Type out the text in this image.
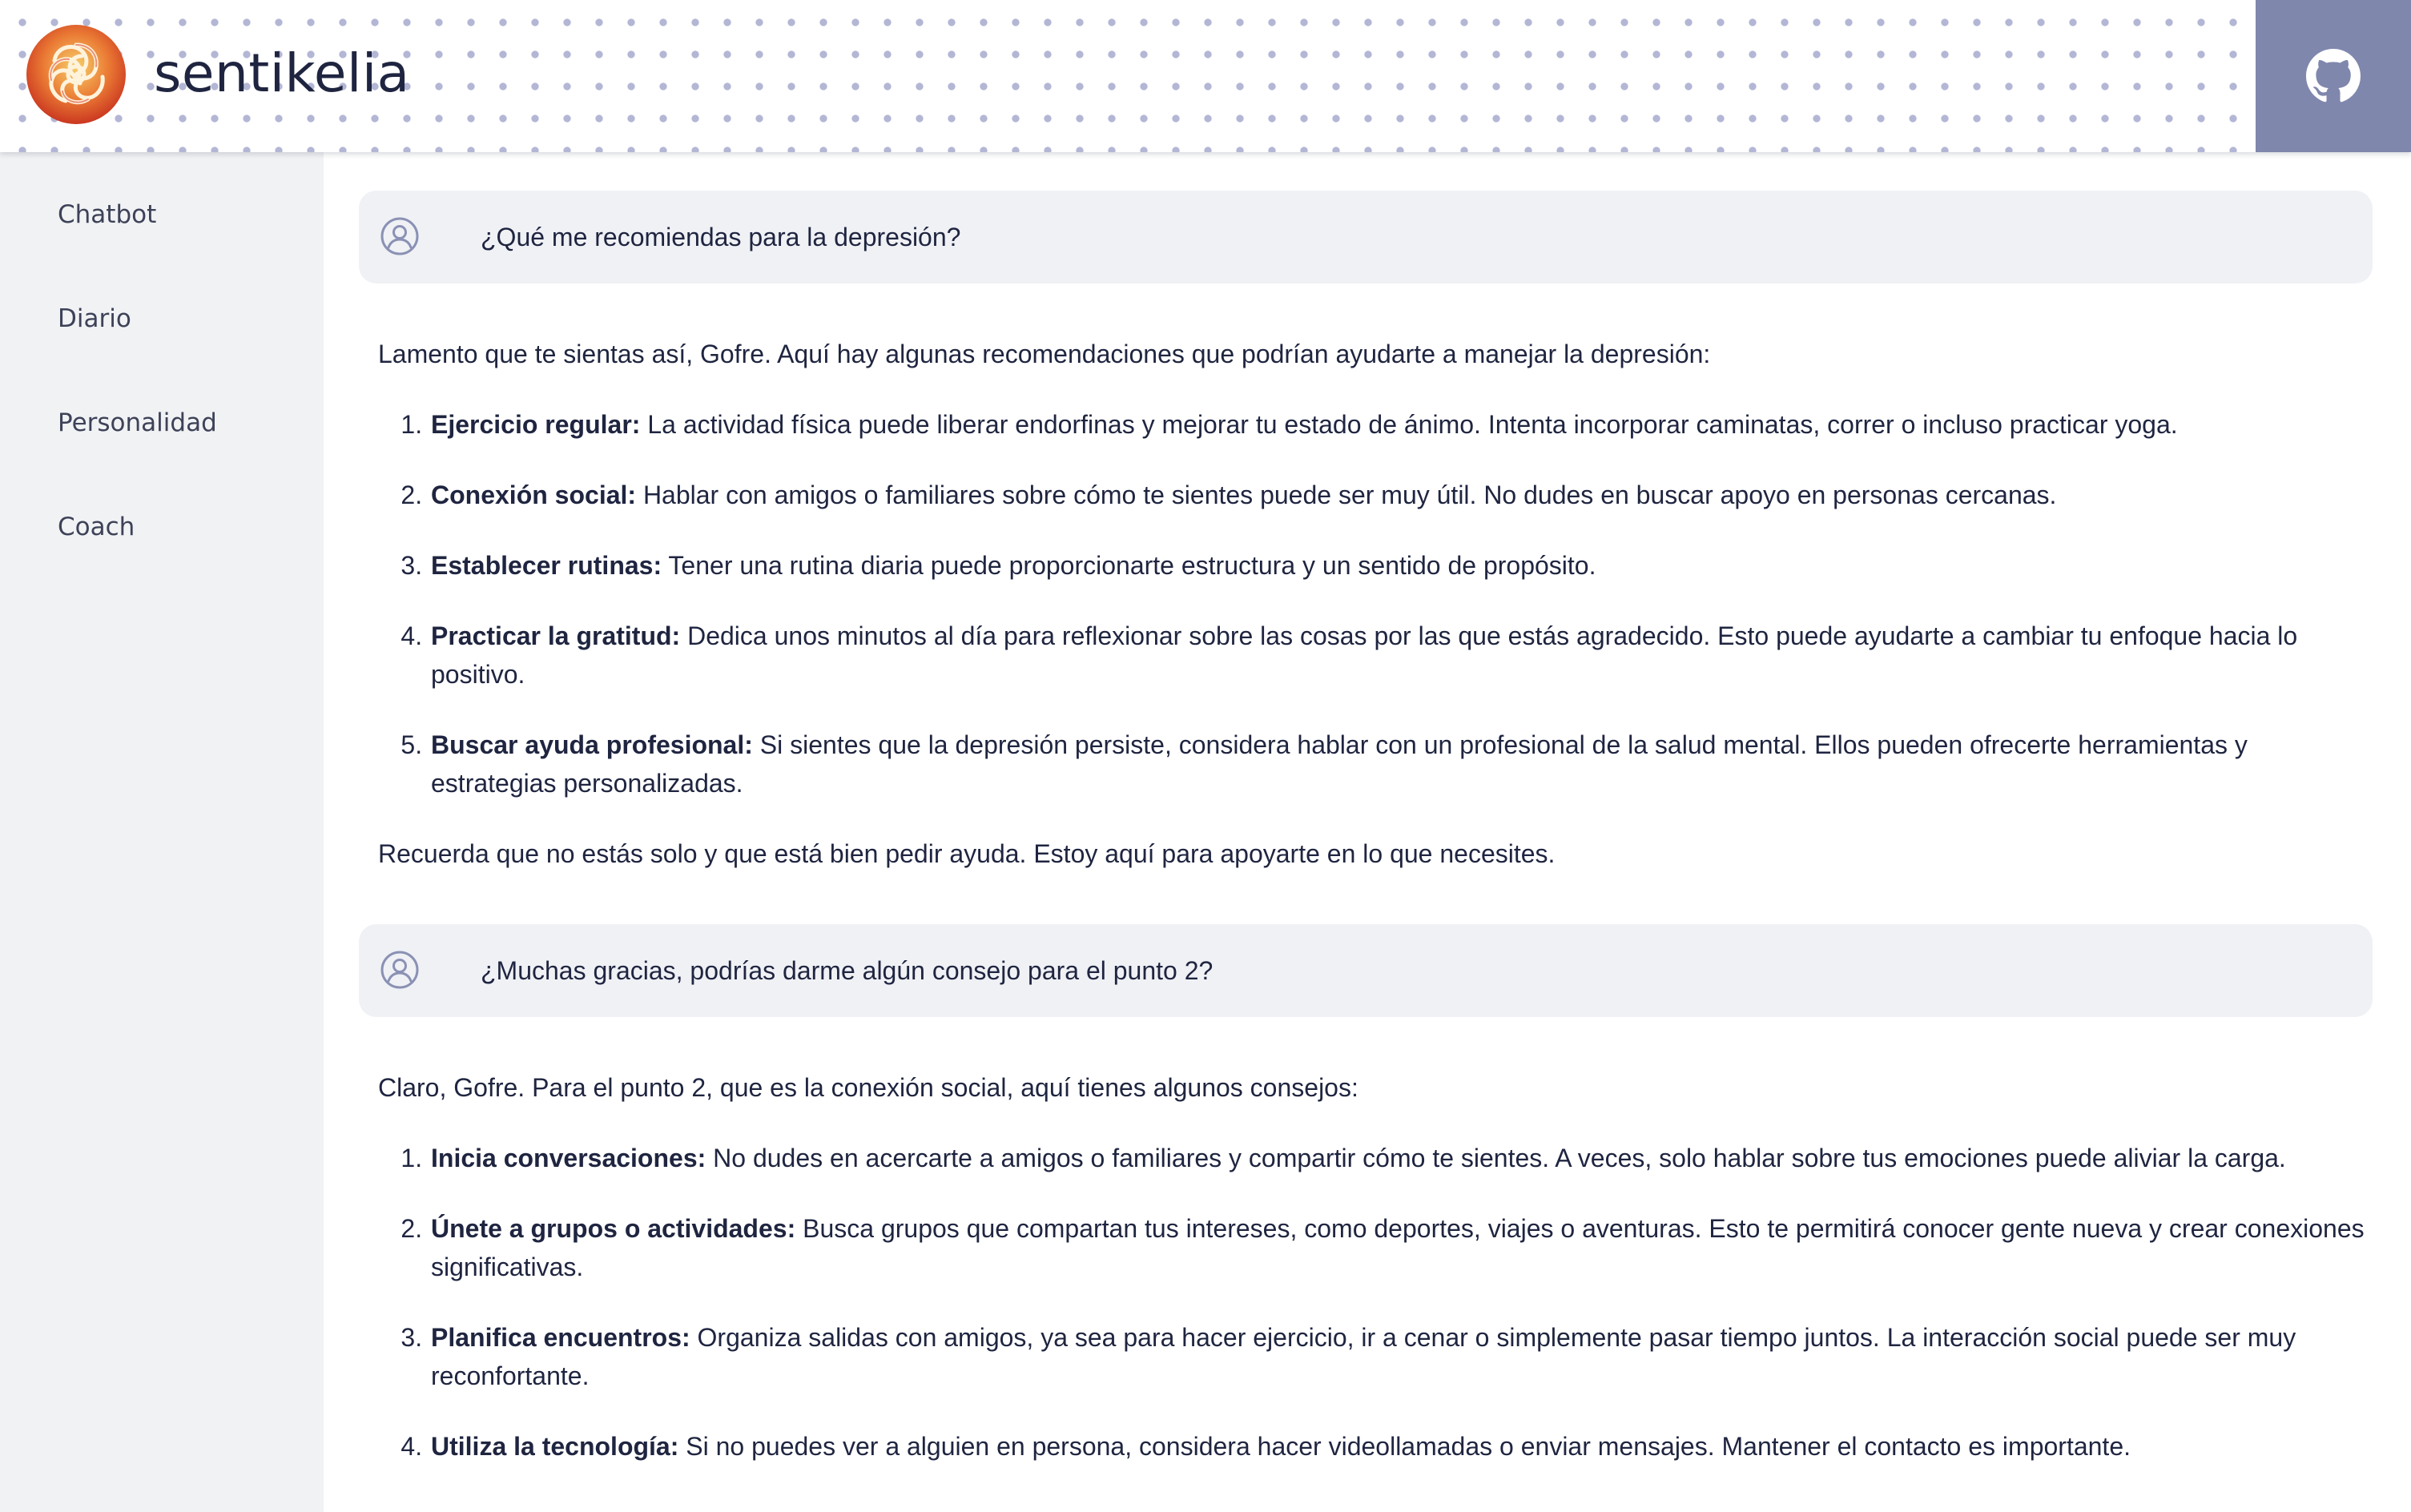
sentikelia
Chatbot
Diario
Personalidad
Coach
¿Qué me recomiendas para la depresión?

Lamento que te sientas así, Gofre. Aquí hay algunas recomendaciones que podrían ayudarte a manejar la depresión:

1. Ejercicio regular: La actividad física puede liberar endorfinas y mejorar tu estado de ánimo. Intenta incorporar caminatas, correr o incluso practicar yoga.
2. Conexión social: Hablar con amigos o familiares sobre cómo te sientes puede ser muy útil. No dudes en buscar apoyo en personas cercanas.
3. Establecer rutinas: Tener una rutina diaria puede proporcionarte estructura y un sentido de propósito.
4. Practicar la gratitud: Dedica unos minutos al día para reflexionar sobre las cosas por las que estás agradecido. Esto puede ayudarte a cambiar tu enfoque hacia lo positivo.
5. Buscar ayuda profesional: Si sientes que la depresión persiste, considera hablar con un profesional de la salud mental. Ellos pueden ofrecerte herramientas y estrategias personalizadas.

Recuerda que no estás solo y que está bien pedir ayuda. Estoy aquí para apoyarte en lo que necesites.

¿Muchas gracias, podrías darme algún consejo para el punto 2?

Claro, Gofre. Para el punto 2, que es la conexión social, aquí tienes algunos consejos:

1. Inicia conversaciones: No dudes en acercarte a amigos o familiares y compartir cómo te sientes. A veces, solo hablar sobre tus emociones puede aliviar la carga.
2. Únete a grupos o actividades: Busca grupos que compartan tus intereses, como deportes, viajes o aventuras. Esto te permitirá conocer gente nueva y crear conexiones significativas.
3. Planifica encuentros: Organiza salidas con amigos, ya sea para hacer ejercicio, ir a cenar o simplemente pasar tiempo juntos. La interacción social puede ser muy reconfortante.
4. Utiliza la tecnología: Si no puedes ver a alguien en persona, considera hacer videollamadas o enviar mensajes. Mantener el contacto es importante.
